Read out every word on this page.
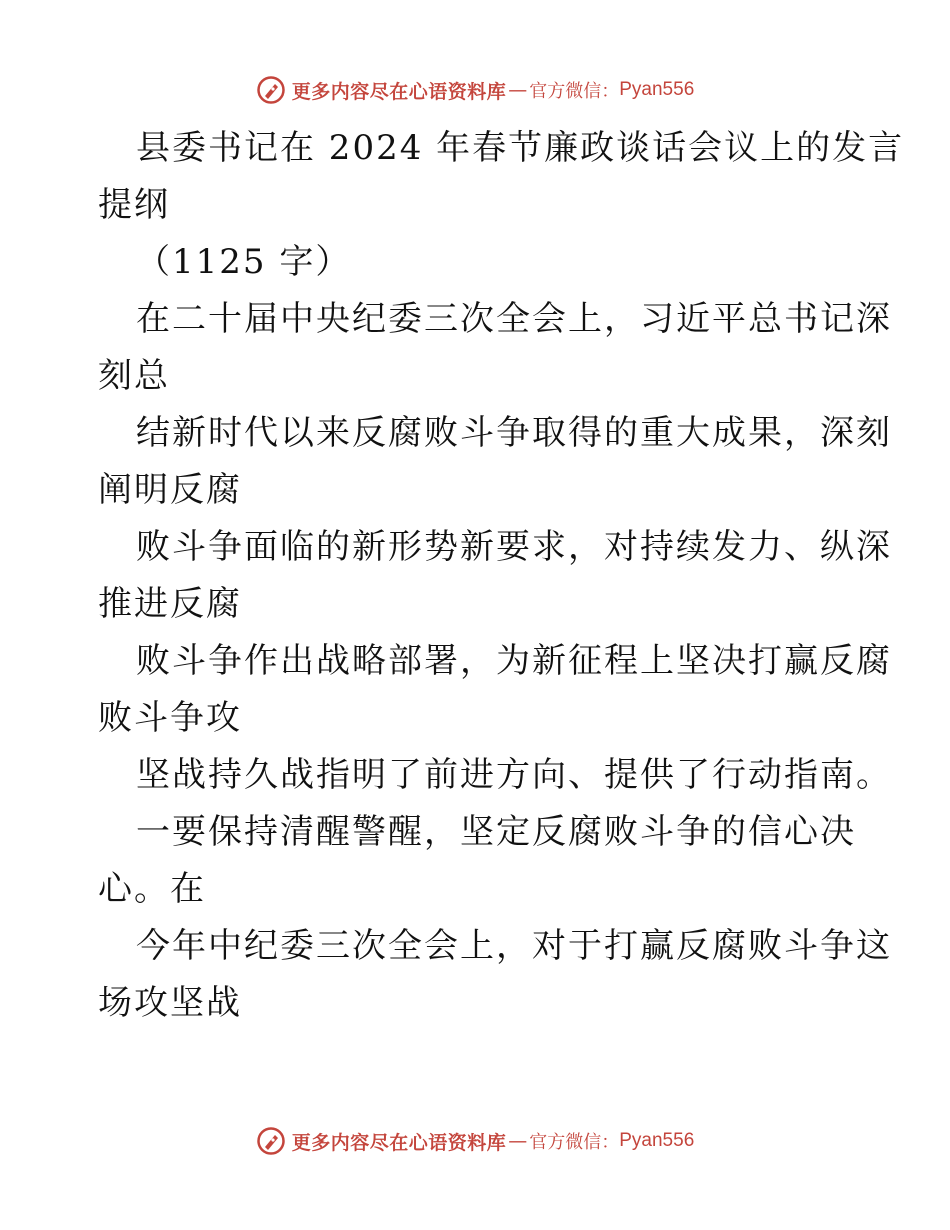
更多内容尽在心语资料库 — 官方微信： Pyan556
县委书记在 2024 年春节廉政谈话会议上的发言
提纲
（1125 字）
在二十届中央纪委三次全会上，习近平总书记深
刻总
结新时代以来反腐败斗争取得的重大成果，深刻
阐明反腐
败斗争面临的新形势新要求，对持续发力、纵深
推进反腐
败斗争作出战略部署，为新征程上坚决打赢反腐
败斗争攻
坚战持久战指明了前进方向、提供了行动指南。
一要保持清醒警醒，坚定反腐败斗争的信心决
心。在
今年中纪委三次全会上，对于打赢反腐败斗争这
场攻坚战
更多内容尽在心语资料库 — 官方微信： Pyan556
